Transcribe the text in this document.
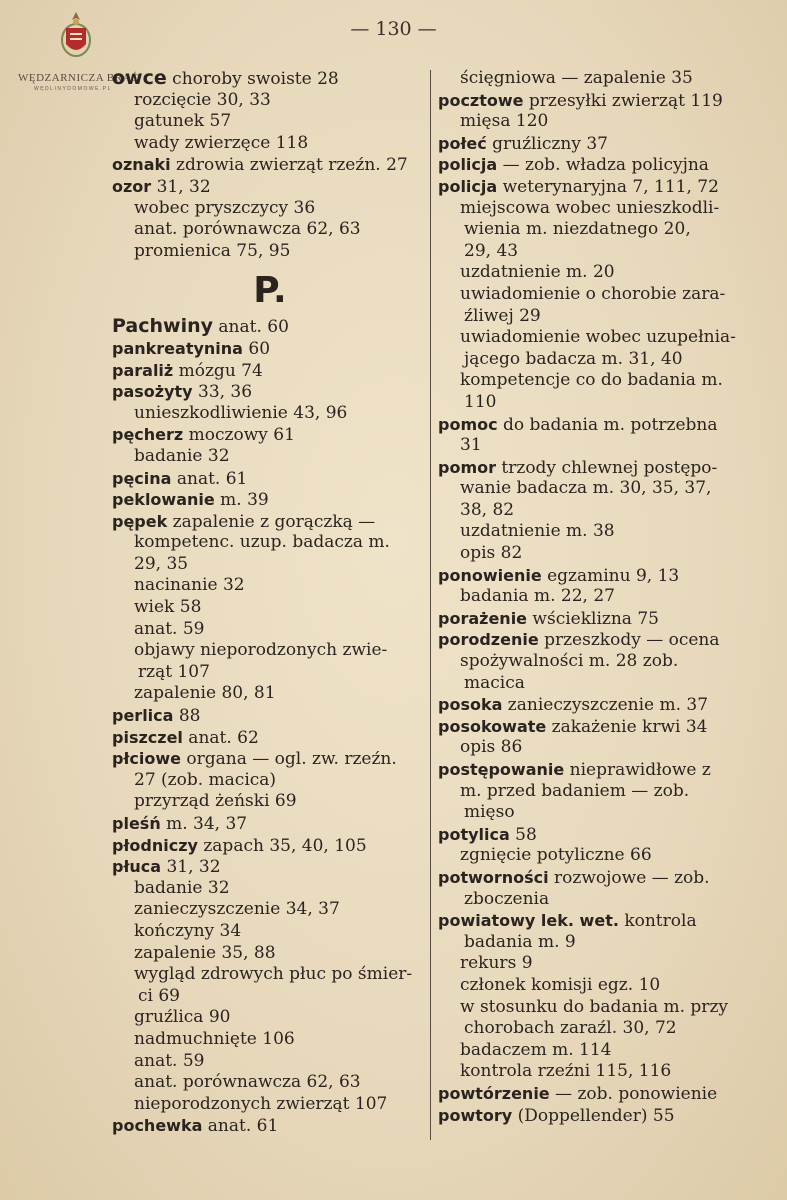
WĘDZARNICZA BRAĆ
WĘDLINYDOMOWE.PL
— 130 —
owce choroby swoiste 28
rozcięcie 30, 33
gatunek 57
wady zwierzęce 118
oznaki zdrowia zwierząt rzeźn. 27
ozor 31, 32
wobec pryszczycy 36
anat. porównawcza 62, 63
promienica 75, 95
P.
Pachwiny anat. 60
pankreatynina 60
paraliż mózgu 74
pasożyty 33, 36
unieszkodliwienie 43, 96
pęcherz moczowy 61
badanie 32
pęcina anat. 61
peklowanie m. 39
pępek zapalenie z gorączką —
kompetenc. uzup. badacza m.
29, 35
nacinanie 32
wiek 58
anat. 59
objawy nieporodzonych zwie-
rząt 107
zapalenie 80, 81
perlica 88
piszczel anat. 62
płciowe organa — ogl. zw. rzeźn.
27 (zob. macica)
przyrząd żeński 69
pleśń m. 34, 37
płodniczy zapach 35, 40, 105
płuca 31, 32
badanie 32
zanieczyszczenie 34, 37
kończyny 34
zapalenie 35, 88
wygląd zdrowych płuc po śmier-
ci 69
gruźlica 90
nadmuchnięte 106
anat. 59
anat. porównawcza 62, 63
nieporodzonych zwierząt 107
pochewka anat. 61
ścięgniowa — zapalenie 35
pocztowe przesyłki zwierząt 119
mięsa 120
połeć gruźliczny 37
policja — zob. władza policyjna
policja weterynaryjna 7, 111, 72
miejscowa wobec unieszkodli-
wienia m. niezdatnego 20,
29, 43
uzdatnienie m. 20
uwiadomienie o chorobie zara-
źliwej 29
uwiadomienie wobec uzupełnia-
jącego badacza m. 31, 40
kompetencje co do badania m.
110
pomoc do badania m. potrzebna
31
pomor trzody chlewnej postępo-
wanie badacza m. 30, 35, 37,
38, 82
uzdatnienie m. 38
opis 82
ponowienie egzaminu 9, 13
badania m. 22, 27
porażenie wścieklizna 75
porodzenie przeszkody — ocena
spożywalności m. 28 zob.
macica
posoka zanieczyszczenie m. 37
posokowate zakażenie krwi 34
opis 86
postępowanie nieprawidłowe z
m. przed badaniem — zob.
mięso
potylica 58
zgnięcie potyliczne 66
potworności rozwojowe — zob.
zboczenia
powiatowy lek. wet. kontrola
badania m. 9
rekurs 9
członek komisji egz. 10
w stosunku do badania m. przy
chorobach zaraźl. 30, 72
badaczem m. 114
kontrola rzeźni 115, 116
powtórzenie — zob. ponowienie
powtory (Doppellender) 55
